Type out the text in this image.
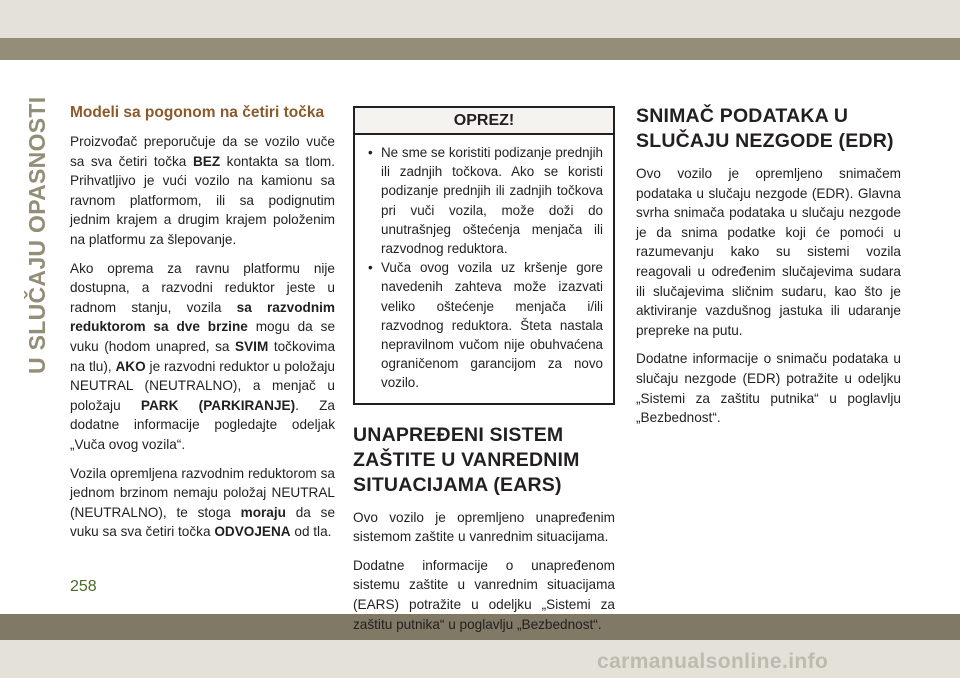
U SLUČAJU OPASNOSTI
258
Modeli sa pogonom na četiri točka

Proizvođač preporučuje da se vozilo vuče sa sva četiri točka BEZ kontakta sa tlom. Prihvatljivo je vući vozilo na kamionu sa ravnom platformom, ili sa podignutim jednim krajem a drugim krajem položenim na platformu za šlepovanje.

Ako oprema za ravnu platformu nije dostupna, a razvodni reduktor jeste u radnom stanju, vozila sa razvodnim reduktorom sa dve brzine mogu da se vuku (hodom unapred, sa SVIM točkovima na tlu), AKO je razvodni reduktor u položaju NEUTRAL (NEUTRALNO), a menjač u položaju PARK (PARKIRANJE). Za dodatne informacije pogledajte odeljak „Vuča ovog vozila“.

Vozila opremljena razvodnim reduktorom sa jednom brzinom nemaju položaj NEUTRAL (NEUTRALNO), te stoga moraju da se vuku sa sva četiri točka ODVOJENA od tla.

OPREZ!
• Ne sme se koristiti podizanje prednjih ili zadnjih točkova. Ako se koristi podizanje prednjih ili zadnjih točkova pri vuči vozila, može doži do unutrašnjeg oštećenja menjača ili razvodnog reduktora.
• Vuča ovog vozila uz kršenje gore navedenih zahteva može izazvati veliko oštećenje menjača i/ili razvodnog reduktora. Šteta nastala nepravilnom vučom nije obuhvaćena ograničenom garancijom za novo vozilo.
UNAPREĐENI SISTEM ZAŠTITE U VANREDNIM SITUACIJAMA (EARS)

Ovo vozilo je opremljeno unapređenim sistemom zaštite u vanrednim situacijama.

Dodatne informacije o unapređenom sistemu zaštite u vanrednim situacijama (EARS) potražite u odeljku „Sistemi za zaštitu putnika“ u poglavlju „Bezbednost“.

SNIMAČ PODATAKA U SLUČAJU NEZGODE (EDR)

Ovo vozilo je opremljeno snimačem podataka u slučaju nezgode (EDR). Glavna svrha snimača podataka u slučaju nezgode je da snima podatke koji će pomoći u razumevanju kako su sistemi vozila reagovali u određenim slučajevima sudara ili slučajevima sličnim sudaru, kao što je aktiviranje vazdušnog jastuka ili udaranje prepreke na putu.

Dodatne informacije o snimaču podataka u slučaju nezgode (EDR) potražite u odeljku „Sistemi za zaštitu putnika“ u poglavlju „Bezbednost“.

carmanualsonline.info
